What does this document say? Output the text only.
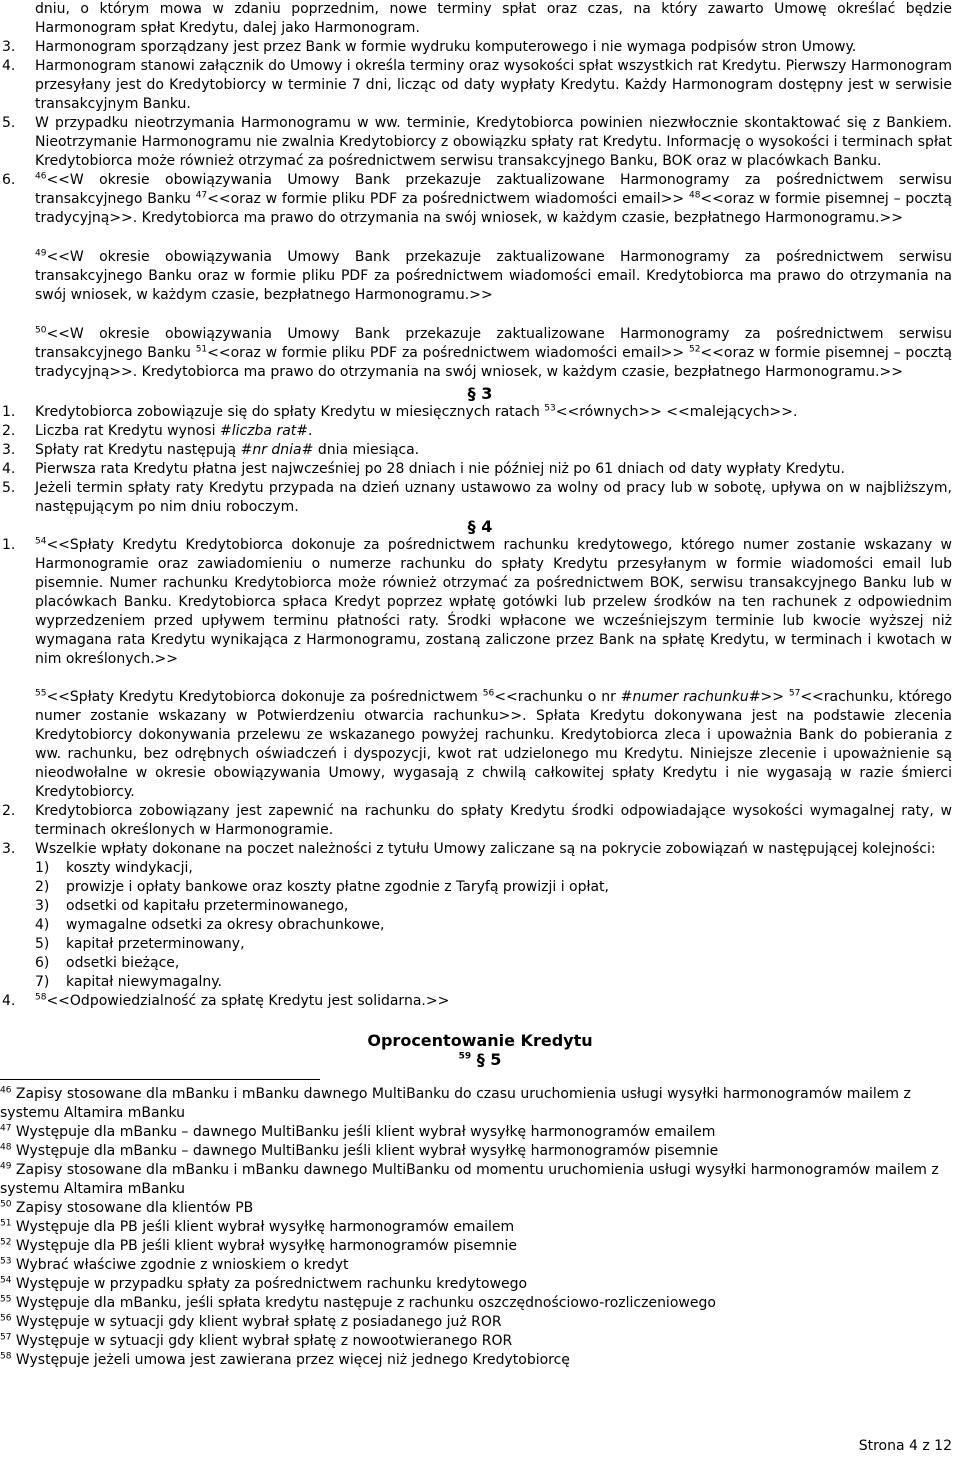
dniu, o którym mowa w zdaniu poprzednim, nowe terminy spłat oraz czas, na który zawarto Umowę określać będzie Harmonogram spłat Kredytu, dalej jako Harmonogram.
3. Harmonogram sporządzany jest przez Bank w formie wydruku komputerowego i nie wymaga podpisów stron Umowy.
4. Harmonogram stanowi załącznik do Umowy i określa terminy oraz wysokości spłat wszystkich rat Kredytu. Pierwszy Harmonogram przesyłany jest do Kredytobiorcy w terminie 7 dni, licząc od daty wypłaty Kredytu. Każdy Harmonogram dostępny jest w serwisie transakcyjnym Banku.
5. W przypadku nieotrzymania Harmonogramu w ww. terminie, Kredytobiorca powinien niezwłocznie skontaktować się z Bankiem. Nieotrzymanie Harmonogramu nie zwalnia Kredytobiorcy z obowiązku spłaty rat Kredytu. Informację o wysokości i terminach spłat Kredytobiorca może również otrzymać za pośrednictwem serwisu transakcyjnego Banku, BOK oraz w placówkach Banku.
6. $^{46}$<<W okresie obowiązywania Umowy Bank przekazuje zaktualizowane Harmonogramy za pośrednictwem serwisu transakcyjnego Banku $^{47}$<<oraz w formie pliku PDF za pośrednictwem wiadomości email>> $^{48}$<<oraz w formie pisemnej – pocztą tradycyjną>>. Kredytobiorca ma prawo do otrzymania na swój wniosek, w każdym czasie, bezpłatnego Harmonogramu.>>
$^{49}$<<W okresie obowiązywania Umowy Bank przekazuje zaktualizowane Harmonogramy za pośrednictwem serwisu transakcyjnego Banku oraz w formie pliku PDF za pośrednictwem wiadomości email. Kredytobiorca ma prawo do otrzymania na swój wniosek, w każdym czasie, bezpłatnego Harmonogramu.>>
$^{50}$<<W okresie obowiązywania Umowy Bank przekazuje zaktualizowane Harmonogramy za pośrednictwem serwisu transakcyjnego Banku $^{51}$<<oraz w formie pliku PDF za pośrednictwem wiadomości email>> $^{52}$<<oraz w formie pisemnej – pocztą tradycyjną>>. Kredytobiorca ma prawo do otrzymania na swój wniosek, w każdym czasie, bezpłatnego Harmonogramu.>>
§ 3
1. Kredytobiorca zobowiązuje się do spłaty Kredytu w miesięcznych ratach $^{53}$<<równych>> <<malejących>>.
2. Liczba rat Kredytu wynosi #liczba rat#.
3. Spłaty rat Kredytu następują #nr dnia# dnia miesiąca.
4. Pierwsza rata Kredytu płatna jest najwcześniej po 28 dniach i nie później niż po 61 dniach od daty wypłaty Kredytu.
5. Jeżeli termin spłaty raty Kredytu przypada na dzień uznany ustawowo za wolny od pracy lub w sobotę, upływa on w najbliższym, następującym po nim dniu roboczym.
§ 4
1. $^{54}$<<Spłaty Kredytu Kredytobiorca dokonuje za pośrednictwem rachunku kredytowego, którego numer zostanie wskazany w Harmonogramie oraz zawiadomieniu o numerze rachunku do spłaty Kredytu przesyłanym w formie wiadomości email lub pisemnie. Numer rachunku Kredytobiorca może również otrzymać za pośrednictwem BOK, serwisu transakcyjnego Banku lub w placówkach Banku. Kredytobiorca spłaca Kredyt poprzez wpłatę gotówki lub przelew środków na ten rachunek z odpowiednim wyprzedzeniem przed upływem terminu płatności raty. Środki wpłacone we wcześniejszym terminie lub kwocie wyższej niż wymagana rata Kredytu wynikająca z Harmonogramu, zostaną zaliczone przez Bank na spłatę Kredytu, w terminach i kwotach w nim określonych.>>
$^{55}$<<Spłaty Kredytu Kredytobiorca dokonuje za pośrednictwem $^{56}$<<rachunku o nr #numer rachunku#>> $^{57}$<<rachunku, którego numer zostanie wskazany w Potwierdzeniu otwarcia rachunku>>. Spłata Kredytu dokonywana jest na podstawie zlecenia Kredytobiorcy dokonywania przelewu ze wskazanego powyżej rachunku. Kredytobiorca zleca i upoważnia Bank do pobierania z ww. rachunku, bez odrębnych oświadczeń i dyspozycji, kwot rat udzielonego mu Kredytu. Niniejsze zlecenie i upoważnienie są nieodwołalne w okresie obowiązywania Umowy, wygasają z chwilą całkowitej spłaty Kredytu i nie wygasają w razie śmierci Kredytobiorcy.
2. Kredytobiorca zobowiązany jest zapewnić na rachunku do spłaty Kredytu środki odpowiadające wysokości wymagalnej raty, w terminach określonych w Harmonogramie.
3. Wszelkie wpłaty dokonane na poczet należności z tytułu Umowy zaliczane są na pokrycie zobowiązań w następującej kolejności:
1) koszty windykacji,
2) prowizje i opłaty bankowe oraz koszty płatne zgodnie z Taryfą prowizji i opłat,
3) odsetki od kapitału przeterminowanego,
4) wymagalne odsetki za okresy obrachunkowe,
5) kapitał przeterminowany,
6) odsetki bieżące,
7) kapitał niewymagalny.
4. $^{58}$<<Odpowiedzialność za spłatę Kredytu jest solidarna.>>
Oprocentowanie Kredytu
$^{59}$ § 5
$^{46}$ Zapisy stosowane dla mBanku i mBanku dawnego MultiBanku do czasu uruchomienia usługi wysyłki harmonogramów mailem z systemu Altamira mBanku
$^{47}$ Występuje dla mBanku – dawnego MultiBanku jeśli klient wybrał wysyłkę harmonogramów emailem
$^{48}$ Występuje dla mBanku – dawnego MultiBanku jeśli klient wybrał wysyłkę harmonogramów pisemnie
$^{49}$ Zapisy stosowane dla mBanku i mBanku dawnego MultiBanku od momentu uruchomienia usługi wysyłki harmonogramów mailem z systemu Altamira mBanku
$^{50}$ Zapisy stosowane dla klientów PB
$^{51}$ Występuje dla PB jeśli klient wybrał wysyłkę harmonogramów emailem
$^{52}$ Występuje dla PB jeśli klient wybrał wysyłkę harmonogramów pisemnie
$^{53}$ Wybrać właściwe zgodnie z wnioskiem o kredyt
$^{54}$ Występuje w przypadku spłaty za pośrednictwem rachunku kredytowego
$^{55}$ Występuje dla mBanku, jeśli spłata kredytu następuje z rachunku oszczędnościowo-rozliczeniowego
$^{56}$ Występuje w sytuacji gdy klient wybrał spłatę z posiadanego już ROR
$^{57}$ Występuje w sytuacji gdy klient wybrał spłatę z nowootwieranego ROR
$^{58}$ Występuje jeżeli umowa jest zawierana przez więcej niż jednego Kredytobiorcę
Strona 4 z 12
